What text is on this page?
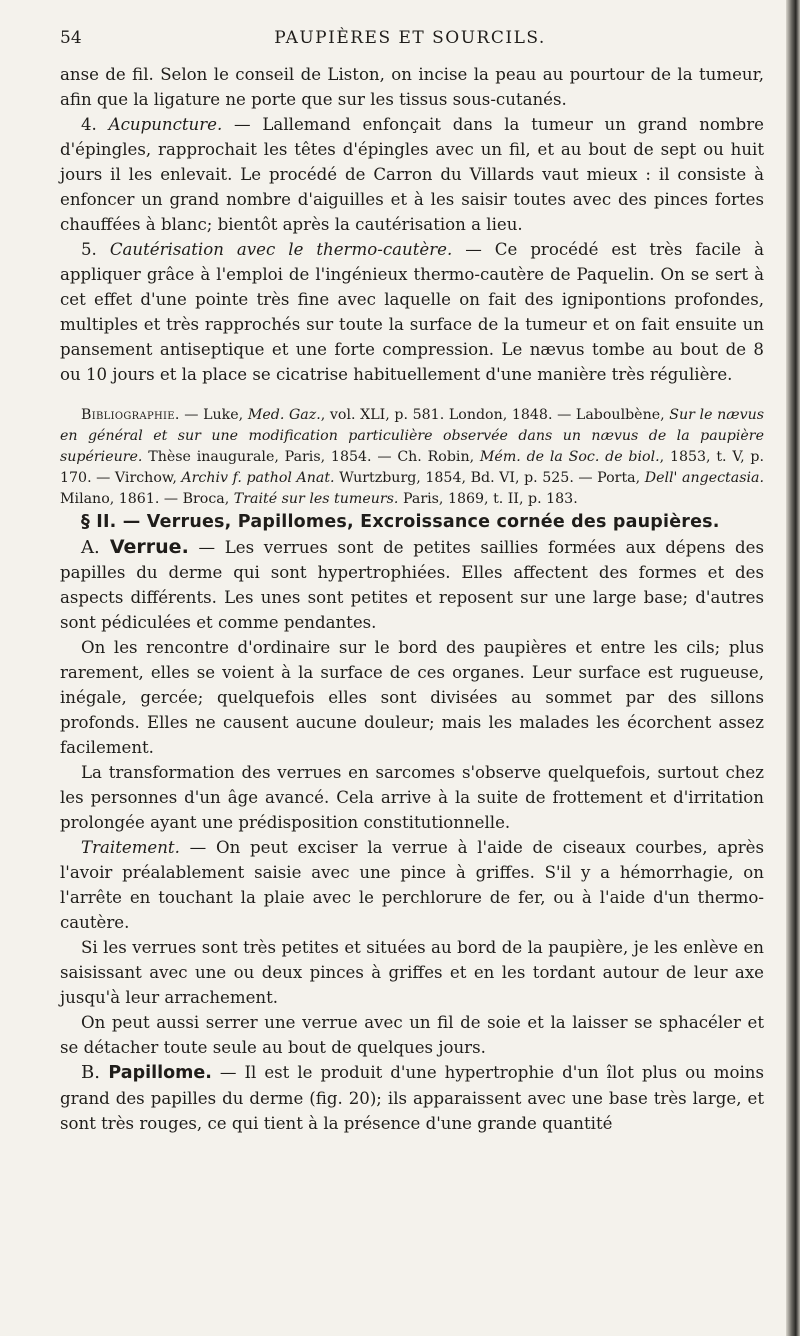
54	PAUPIÈRES ET SOURCILS.

anse de fil. Selon le conseil de Liston, on incise la peau au pourtour de la tumeur, afin que la ligature ne porte que sur les tissus sous-cutanés.

4. Acupuncture. — Lallemand enfonçait dans la tumeur un grand nombre d'épingles, rapprochait les têtes d'épingles avec un fil, et au bout de sept ou huit jours il les enlevait. Le procédé de Carron du Villards vaut mieux : il consiste à enfoncer un grand nombre d'aiguilles et à les saisir toutes avec des pinces fortes chauffées à blanc; bientôt après la cautérisation a lieu.

5. Cautérisation avec le thermo-cautère. — Ce procédé est très facile à appliquer grâce à l'emploi de l'ingénieux thermo-cautère de Paquelin. On se sert à cet effet d'une pointe très fine avec laquelle on fait des ignipontions profondes, multiples et très rapprochés sur toute la surface de la tumeur et on fait ensuite un pansement antiseptique et une forte compression. Le nævus tombe au bout de 8 ou 10 jours et la place se cicatrise habituellement d'une manière très régulière.

Bibliographie. — Luke, Med. Gaz., vol. XLI, p. 581. London, 1848. — Laboulbène, Sur le nævus en général et sur une modification particulière observée dans un nævus de la paupière supérieure. Thèse inaugurale, Paris, 1854. — Ch. Robin, Mém. de la Soc. de biol., 1853, t. V, p. 170. — Virchow, Archiv f. pathol Anat. Wurtzburg, 1854, Bd. VI, p. 525. — Porta, Dell' angectasia. Milano, 1861. — Broca, Traité sur les tumeurs. Paris, 1869, t. II, p. 183.

§ II. — Verrues, Papillomes, Excroissance cornée des paupières.

A. Verrue. — Les verrues sont de petites saillies formées aux dépens des papilles du derme qui sont hypertrophiées. Elles affectent des formes et des aspects différents. Les unes sont petites et reposent sur une large base; d'autres sont pédiculées et comme pendantes.

On les rencontre d'ordinaire sur le bord des paupières et entre les cils; plus rarement, elles se voient à la surface de ces organes. Leur surface est rugueuse, inégale, gercée; quelquefois elles sont divisées au sommet par des sillons profonds. Elles ne causent aucune douleur; mais les malades les écorchent assez facilement.

La transformation des verrues en sarcomes s'observe quelquefois, surtout chez les personnes d'un âge avancé. Cela arrive à la suite de frottement et d'irritation prolongée ayant une prédisposition constitutionnelle.

Traitement. — On peut exciser la verrue à l'aide de ciseaux courbes, après l'avoir préalablement saisie avec une pince à griffes. S'il y a hémorrhagie, on l'arrête en touchant la plaie avec le perchlorure de fer, ou à l'aide d'un thermo-cautère.

Si les verrues sont très petites et situées au bord de la paupière, je les enlève en saisissant avec une ou deux pinces à griffes et en les tordant autour de leur axe jusqu'à leur arrachement.

On peut aussi serrer une verrue avec un fil de soie et la laisser se sphacéler et se détacher toute seule au bout de quelques jours.

B. Papillome. — Il est le produit d'une hypertrophie d'un îlot plus ou moins grand des papilles du derme (fig. 20); ils apparaissent avec une base très large, et sont très rouges, ce qui tient à la présence d'une grande quantité
